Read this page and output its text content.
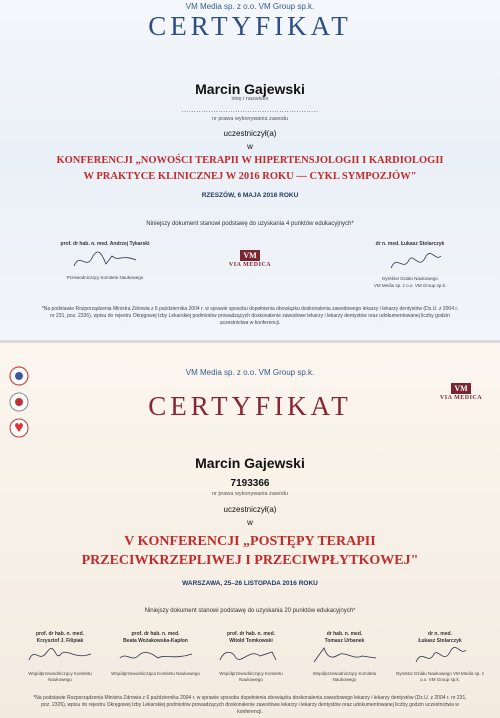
VM Media sp. z o.o. VM Group sp.k.
CERTYFIKAT
Marcin Gajewski
imię i nazwisko
........................................................
nr prawa wykonywania zawodu
uczestniczył(a)
w
KONFERENCJI „NOWOŚCI TERAPII W HIPERTENSJOLOGII I KARDIOLOGII
W PRAKTYCE KLINICZNEJ W 2016 ROKU — CYKL SYMPOZJÓW"
RZESZÓW, 6 MAJA 2016 ROKU
Niniejszy dokument stanowi podstawę do uzyskania 4 punktów edukacyjnych*
prof. dr hab. n. med. Andrzej Tykarski
Przewodniczący Komitetu Naukowego
VM
VIA MEDICA
dr n. med. Łukasz Stolarczyk
Dyrektor Działu Naukowego
VM Media sp. z o.o. VM Group sp.k.
*Na podstawie Rozporządzenia Ministra Zdrowia z 6 października 2004 r. w sprawie sposobu dopełnienia obowiązku doskonalenia zawodowego lekarzy i lekarzy dentystów (Dz.U. z 2004 r. nr 231, poz. 2326), wpisu do rejestru Okręgowej Izby Lekarskiej podmiotów prowadzących doskonalenie zawodowe lekarzy i lekarzy dentystów oraz udokumentowanej liczby godzin uczestnictwa w konferencji.
VM Media sp. z o.o. VM Group sp.k.
CERTYFIKAT
VM
VIA MEDICA
Marcin Gajewski
7193366
nr prawa wykonywania zawodu
uczestniczył(a)
w
V KONFERENCJI „POSTĘPY TERAPII
PRZECIWKRZEPLIWEJ I PRZECIWPŁYTKOWEJ"
WARSZAWA, 25–26 LISTOPADA 2016 ROKU
Niniejszy dokument stanowi podstawę do uzyskania 20 punktów edukacyjnych*
prof. dr hab. n. med.
Krzysztof J. Filipiak
Współprzewodniczący Komitetu Naukowego
prof. dr hab. n. med.
Beata Wożakowska-Kapłon
Współprzewodnicząca Komitetu Naukowego
prof. dr hab. n. med.
Witold Tomkowski
Współprzewodniczący Komitetu Naukowego
dr hab. n. med.
Tomasz Urbanek
Współprzewodniczący Komitetu Naukowego
dr n. med.
Łukasz Stolarczyk
Dyrektor Działu Naukowego VM Media sp. z o.o. VM Group sp.k.
*Na podstawie Rozporządzenia Ministra Zdrowia z 6 października 2004 r. w sprawie sposobu dopełnienia obowiązku doskonalenia zawodowego lekarzy i lekarzy dentystów (Dz.U. z 2004 r. nr 231, poz. 2326), wpisu do rejestru Okręgowej Izby Lekarskiej podmiotów prowadzących doskonalenie zawodowe lekarzy i lekarzy dentystów oraz udokumentowanej liczby godzin uczestnictwa w konferencji.
